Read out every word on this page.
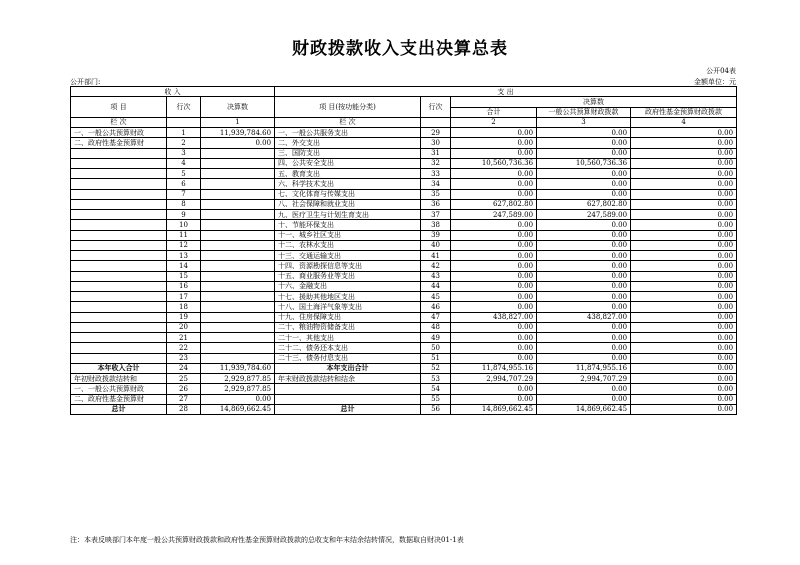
财政拨款收入支出决算总表
公开04表
公开部门:	金额单位：元
收 入			支 出				
项 目	行次	决算数	项 目(按功能分类)	行次	决算数		
					合计	一般公共预算财政拨款	政府性基金预算财政拨款
栏 次		1	栏 次		2	3	4
一、一般公共预算财政	1	11,939,784.60	一、一般公共服务支出	29	0.00	0.00	0.00
二、政府性基金预算财	2	0.00	二、外交支出	30	0.00	0.00	0.00
	3		三、国防支出	31	0.00	0.00	0.00
	4		四、公共安全支出	32	10,560,736.36	10,560,736.36	0.00
	5		五、教育支出	33	0.00	0.00	0.00
	6		六、科学技术支出	34	0.00	0.00	0.00
	7		七、文化体育与传媒支出	35	0.00	0.00	0.00
	8		八、社会保障和就业支出	36	627,802.80	627,802.80	0.00
	9		九、医疗卫生与计划生育支出	37	247,589.00	247,589.00	0.00
	10		十、节能环保支出	38	0.00	0.00	0.00
	11		十一、城乡社区支出	39	0.00	0.00	0.00
	12		十二、农林水支出	40	0.00	0.00	0.00
	13		十三、交通运输支出	41	0.00	0.00	0.00
	14		十四、资源勘探信息等支出	42	0.00	0.00	0.00
	15		十五、商业服务业等支出	43	0.00	0.00	0.00
	16		十六、金融支出	44	0.00	0.00	0.00
	17		十七、援助其他地区支出	45	0.00	0.00	0.00
	18		十八、国土海洋气象等支出	46	0.00	0.00	0.00
	19		十九、住房保障支出	47	438,827.00	438,827.00	0.00
	20		二十、粮油物资储备支出	48	0.00	0.00	0.00
	21		二十一、其他支出	49	0.00	0.00	0.00
	22		二十二、债务还本支出	50	0.00	0.00	0.00
	23		二十三、债务付息支出	51	0.00	0.00	0.00
本年收入合计	24	11,939,784.60	本年支出合计	52	11,874,955.16	11,874,955.16	0.00
年初财政拨款结转和	25	2,929,877.85	年末财政拨款结转和结余	53	2,994,707.29	2,994,707.29	0.00
一、一般公共预算财政	26	2,929,877.85		54	0.00	0.00	0.00
二、政府性基金预算财	27	0.00		55	0.00	0.00	0.00
总计	28	14,869,662.45	总计	56	14,869,662.45	14,869,662.45	0.00
注：本表反映部门本年度一般公共预算财政拨款和政府性基金预算财政拨款的总收支和年末结余结转情况，数据取自财决01-1表
